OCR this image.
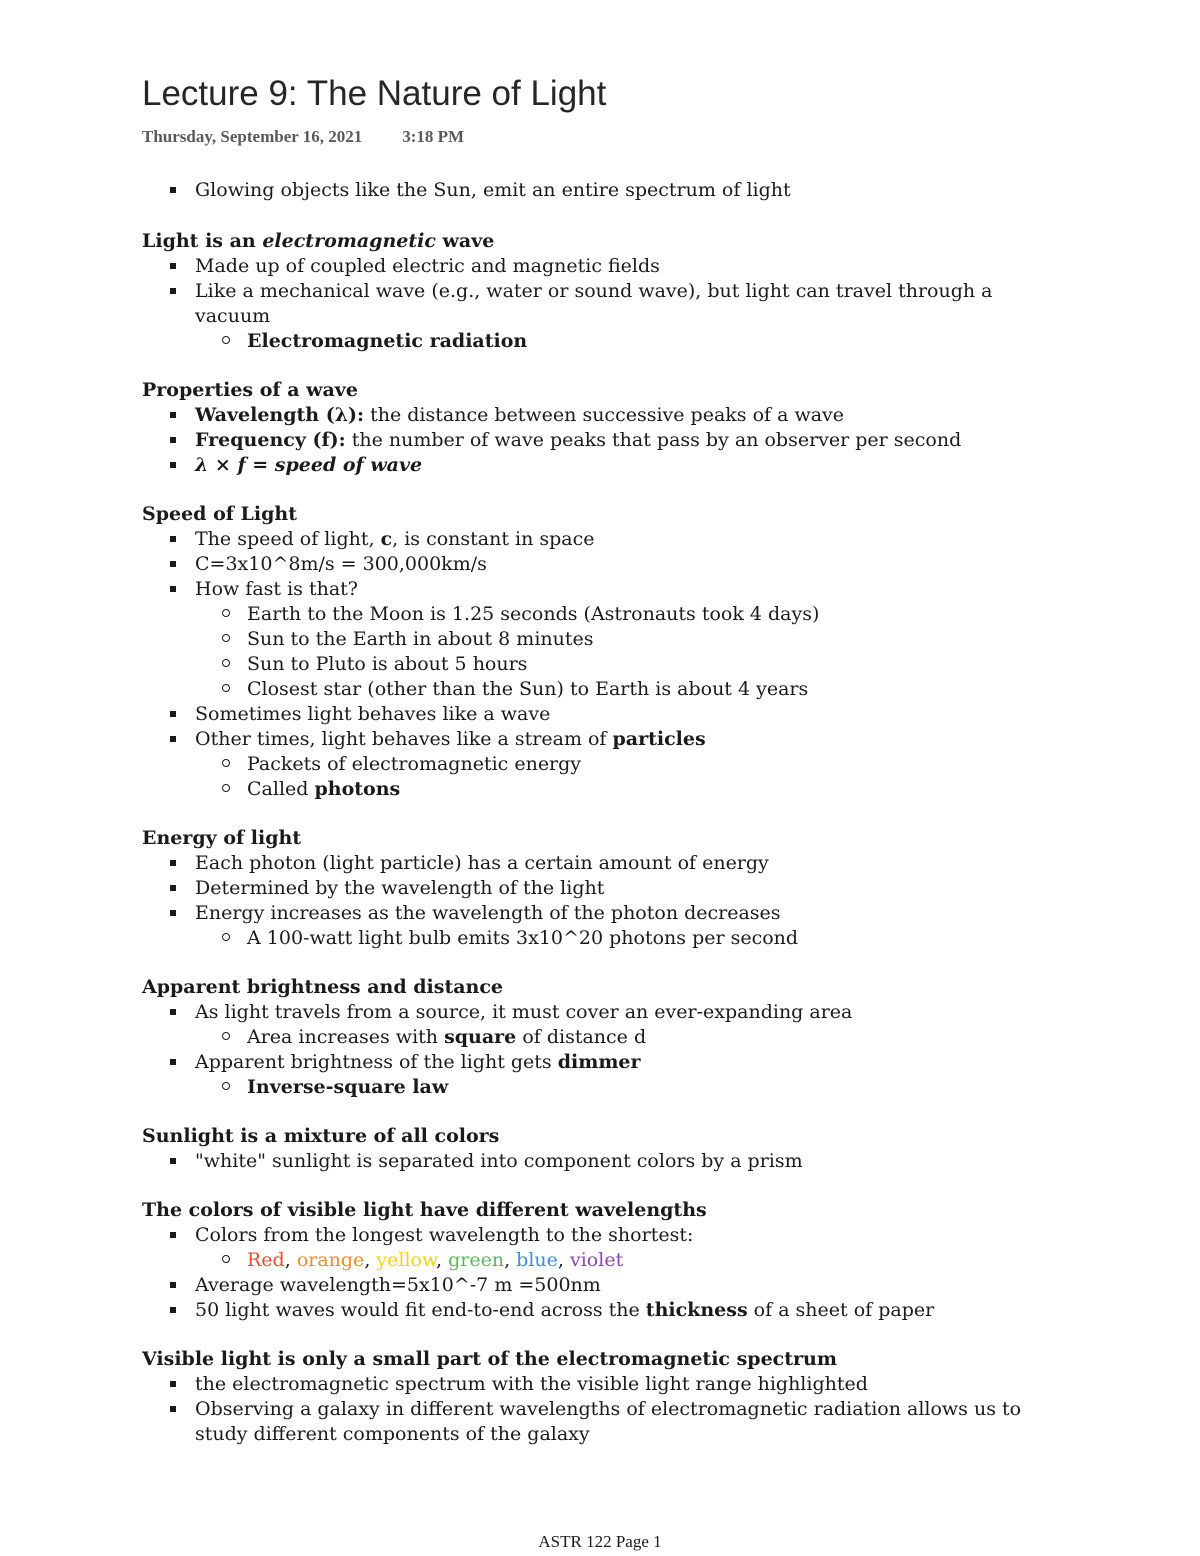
Lecture 9: The Nature of Light
Thursday, September 16, 2021 3:18 PM
Glowing objects like the Sun, emit an entire spectrum of light
Light is an electromagnetic wave
Made up of coupled electric and magnetic fields
Like a mechanical wave (e.g., water or sound wave), but light can travel through a vacuum
Electromagnetic radiation
Properties of a wave
Wavelength (λ): the distance between successive peaks of a wave
Frequency (f): the number of wave peaks that pass by an observer per second
λ × f = speed of wave
Speed of Light
The speed of light, c, is constant in space
C=3x10^8m/s = 300,000km/s
How fast is that?
Earth to the Moon is 1.25 seconds (Astronauts took 4 days)
Sun to the Earth in about 8 minutes
Sun to Pluto is about 5 hours
Closest star (other than the Sun) to Earth is about 4 years
Sometimes light behaves like a wave
Other times, light behaves like a stream of particles
Packets of electromagnetic energy
Called photons
Energy of light
Each photon (light particle) has a certain amount of energy
Determined by the wavelength of the light
Energy increases as the wavelength of the photon decreases
A 100-watt light bulb emits 3x10^20 photons per second
Apparent brightness and distance
As light travels from a source, it must cover an ever-expanding area
Area increases with square of distance d
Apparent brightness of the light gets dimmer
Inverse-square law
Sunlight is a mixture of all colors
"white" sunlight is separated into component colors by a prism
The colors of visible light have different wavelengths
Colors from the longest wavelength to the shortest:
Red, orange, yellow, green, blue, violet
Average wavelength=5x10^-7 m =500nm
50 light waves would fit end-to-end across the thickness of a sheet of paper
Visible light is only a small part of the electromagnetic spectrum
the electromagnetic spectrum with the visible light range highlighted
Observing a galaxy in different wavelengths of electromagnetic radiation allows us to study different components of the galaxy
ASTR 122 Page 1
